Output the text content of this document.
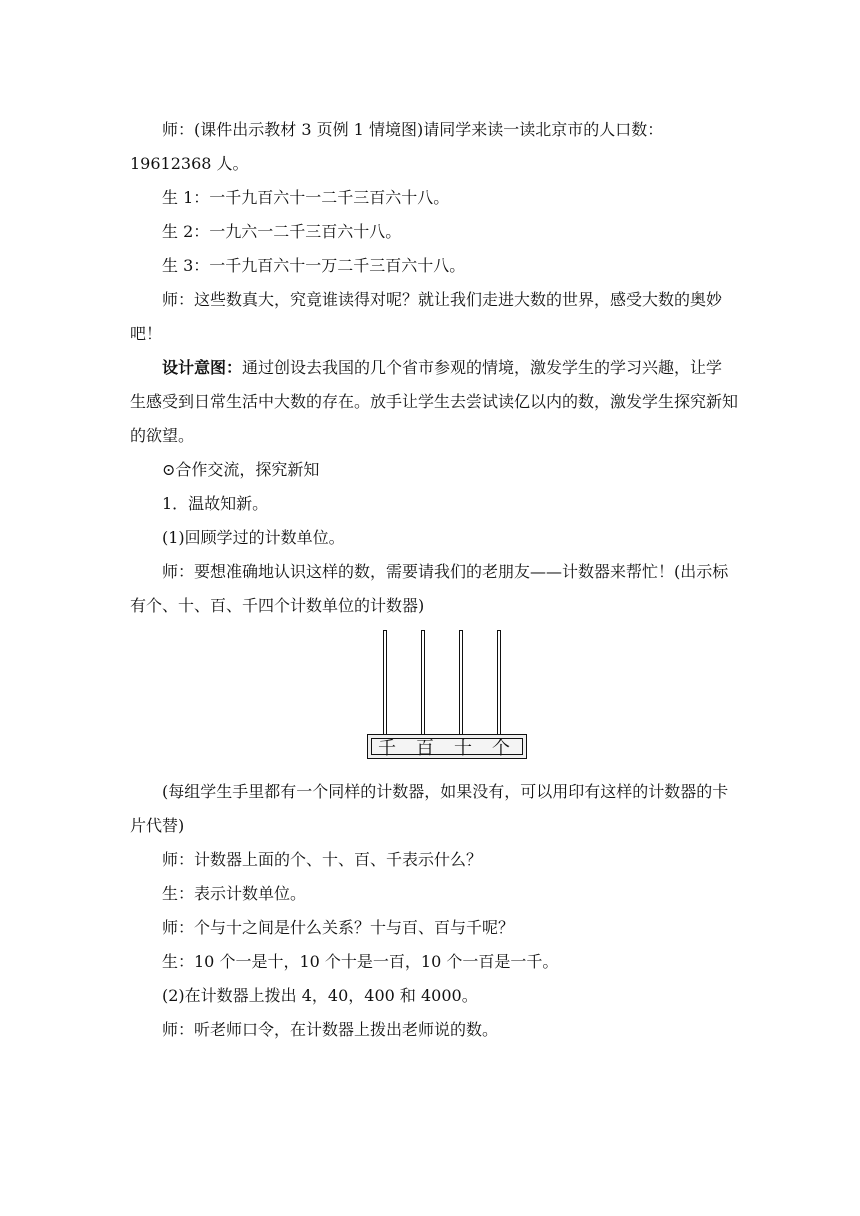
师：(课件出示教材 3 页例 1 情境图)请同学来读一读北京市的人口数：

19612368 人。

生 1：一千九百六十一二千三百六十八。

生 2：一九六一二千三百六十八。

生 3：一千九百六十一万二千三百六十八。

师：这些数真大，究竟谁读得对呢？就让我们走进大数的世界，感受大数的奥妙吧！

设计意图：通过创设去我国的几个省市参观的情境，激发学生的学习兴趣，让学生感受到日常生活中大数的存在。放手让学生去尝试读亿以内的数，激发学生探究新知的欲望。

⊙合作交流，探究新知

1．温故知新。

(1)回顾学过的计数单位。

师：要想准确地认识这样的数，需要请我们的老朋友——计数器来帮忙！(出示标有个、十、百、千四个计数单位的计数器)

千	百	十	个

(每组学生手里都有一个同样的计数器，如果没有，可以用印有这样的计数器的卡片代替)

师：计数器上面的个、十、百、千表示什么？

生：表示计数单位。

师：个与十之间是什么关系？十与百、百与千呢？

生：10 个一是十，10 个十是一百，10 个一百是一千。

(2)在计数器上拨出 4，40，400 和 4000。

师：听老师口令，在计数器上拨出老师说的数。
